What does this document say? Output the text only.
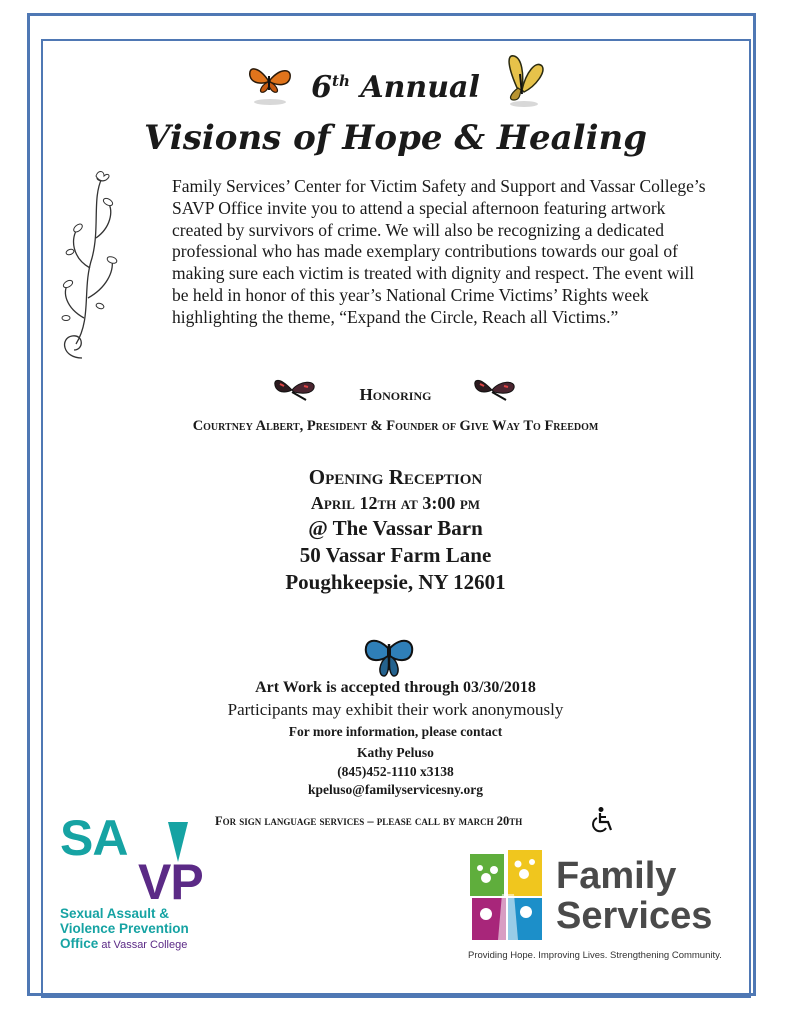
6th Annual
Visions of Hope & Healing
Family Services’ Center for Victim Safety and Support and Vassar College’s SAVP Office invite you to attend a special afternoon featuring artwork created by survivors of crime. We will also be recognizing a dedicated professional who has made exemplary contributions towards our goal of making sure each victim is treated with dignity and respect. The event will be held in honor of this year’s National Crime Victims’ Rights week highlighting the theme, “Expand the Circle, Reach all Victims.”
Honoring
Courtney Albert, President & Founder of Give Way To Freedom
Opening Reception
April 12th at 3:00 pm
@ The Vassar Barn
50 Vassar Farm Lane
Poughkeepsie, NY 12601
Art Work is accepted through 03/30/2018
Participants may exhibit their work anonymously
For more information, please contact
Kathy Peluso
(845)452-1110 x3138
kpeluso@familyservicesny.org
For sign language services – please call by march 20th
SA
VP
Sexual Assault &
Violence Prevention
Office at Vassar College
Family
Services
Providing Hope. Improving Lives. Strengthening Community.
